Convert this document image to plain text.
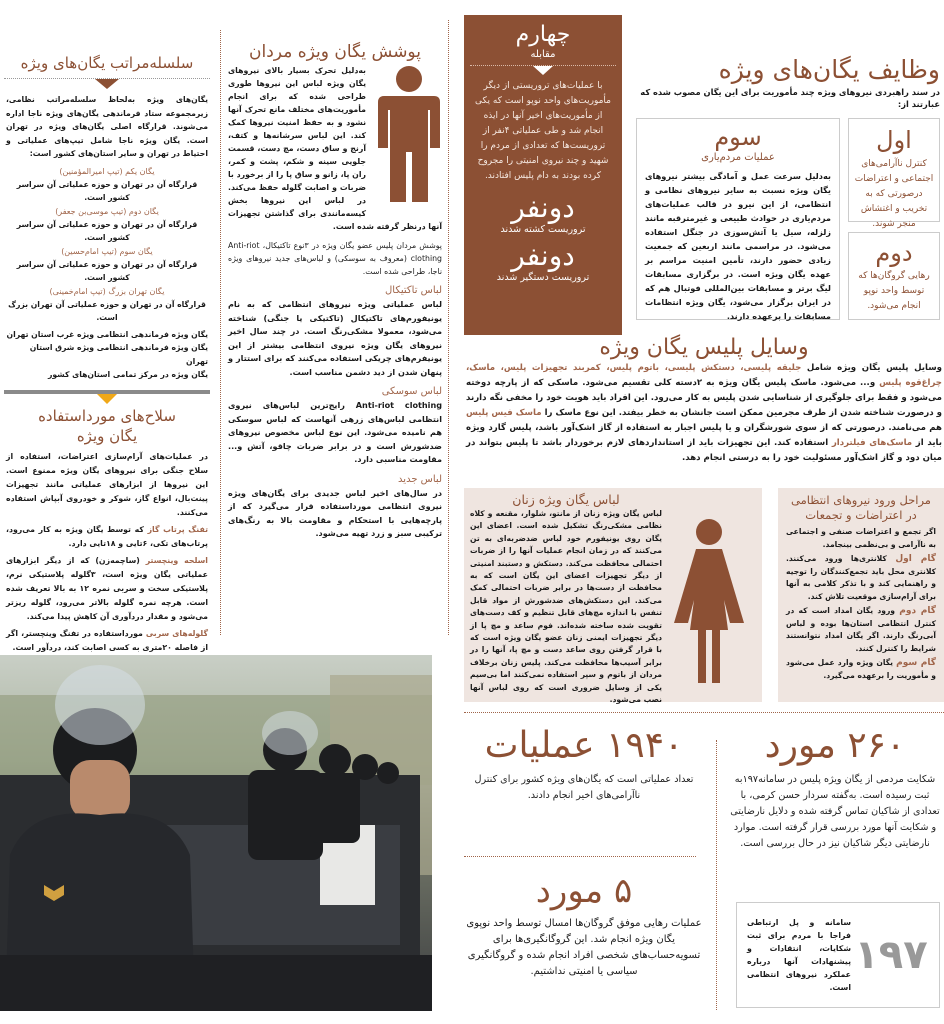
وظایف یگان‌های ویژه
در سند راهبردی نیروهای ویژه چند مأموریت برای این یگان مصوب شده که عبارتند از:
اول
کنترل ناآرامی‌های اجتماعی و اعتراضات درصورتی که به تخریب و اغتشاش منجر شوند.
دوم
رهایی گروگان‌ها که توسط واحد نوپو انجام می‌شود.
سوم
عملیات مردم‌یاری
به‌دلیل سرعت عمل و آمادگی بیشتر نیروهای یگان ویژه نسبت به سایر نیروهای نظامی و انتظامی، از این نیرو در قالب عملیات‌های مردم‌یاری در حوادث طبیعی و غیرمترقبه مانند زلزله، سیل یا آتش‌سوزی در جنگل استفاده می‌شود. در مراسمی مانند اربعین که جمعیت زیادی حضور دارند، تأمین امنیت مراسم بر عهده یگان ویژه است. در برگزاری مسابقات لیگ برتر و مسابقات بین‌المللی فوتبال هم که در ایران برگزار می‌شود، یگان ویژه انتظامات مسابقات را برعهده دارند.
چهارم
مقابله
با عملیات‌های تروریستی از دیگر مأموریت‌های واحد نوپو است که یکی از مأموریت‌های اخیر آنها در ایذه انجام شد و طی عملیاتی ۴نفر از تروریست‌ها که تعدادی از مردم را شهید و چند نیروی امنیتی را مجروح کرده بودند به دام پلیس افتادند.
دونفر
تروریست کشته شدند
دونفر
تروریست دستگیر شدند
وسایل پلیس یگان ویژه
وسایل پلیس یگان ویژه شامل جلیقه پلیسی، دستکش پلیسی، باتوم پلیس، کمربند تجهیزات پلیس، ماسک، چراغ‌قوه پلیس و... می‌شود. ماسک پلیس یگان ویژه به ۲دسته کلی تقسیم می‌شود. ماسکی که از پارچه دوخته می‌شود و فقط برای جلوگیری از شناسایی شدن پلیس به کار می‌رود. این افراد باید هویت خود را مخفی نگه دارند و درصورت شناخته شدن از طرف مجرمین ممکن است جانشان به خطر بیفتد. این نوع ماسک را ماسک فیس پلیس هم می‌نامند. درصورتی که از سوی شورشگران و یا پلیس اجبار به استفاده از گاز اشک‌آور باشد، پلیس گارد ویژه باید از ماسک‌های فیلتردار استفاده کند. این تجهیزات باید از استانداردهای لازم برخوردار باشد تا پلیس بتواند در میان دود و گاز اشک‌آور مسئولیت خود را به درستی انجام دهد.
لباس یگان ویژه زنان
لباس یگان ویژه زنان از مانتو، شلوار، مقنعه و کلاه نظامی مشکی‌رنگ تشکیل شده است. اعضای این یگان روی یونیفورم خود لباس ضدضربه‌ای به تن می‌کنند که در زمان انجام عملیات آنها را از ضربات احتمالی محافظت می‌کند. دستکش و دستبند امنیتی از دیگر تجهیزات اعضای این یگان است که به محافظت از دست‌ها در برابر ضربات احتمالی کمک می‌کند. این دستکش‌های ضدشورش از مواد قابل تنفس با اندازه مچ‌های قابل تنظیم و کف دست‌های تقویت شده ساخته شده‌اند. فوم ساعد و مچ پا از دیگر تجهیزات ایمنی زنان عضو یگان ویژه است که با قرار گرفتن روی ساعد دست و مچ پا، آنها را در برابر آسیب‌ها محافظت می‌کند. پلیس زنان برخلاف مردان از باتوم و سپر استفاده نمی‌کنند اما بی‌سیم یکی از وسایل ضروری است که روی لباس آنها نصب می‌شود.
مراحل ورود نیروهای انتظامی در اعتراضات و تجمعات
اگر تجمع و اعتراضات صنفی و اجتماعی به ناآرامی و بی‌نظمی بینجامد.
گام اول کلانتری‌ها ورود می‌کنند. کلانتری محل باید تجمع‌کنندگان را توجیه و راهنمایی کند و با تذکر کلامی به آنها برای آرام‌سازی موقعیت تلاش کند.
گام دوم ورود یگان امداد است که در کنترل انتظامی استان‌ها بوده و لباس آبی‌رنگ دارند. اگر یگان امداد نتوانستند شرایط را کنترل کنند.
گام سوم یگان ویژه وارد عمل می‌شود و مأموریت را برعهده می‌گیرد.
۲۶۰ مورد
شکایت مردمی از یگان ویژه پلیس در سامانه۱۹۷به ثبت رسیده است. به‌گفته سردار حسن کرمی، با تعدادی از شاکیان تماس گرفته شده و دلایل نارضایتی و شکایت آنها مورد بررسی قرار گرفته است. موارد نارضایتی دیگر شاکیان نیز در حال بررسی است.
۱۹۴۰ عملیات
تعداد عملیاتی است که یگان‌های ویژه کشور برای کنترل ناآرامی‌های اخیر انجام دادند.
۵ مورد
عملیات رهایی موفق گروگان‌ها امسال توسط واحد نوپوی یگان ویژه انجام شد. این گروگانگیری‌ها برای تسویه‌حساب‌های شخصی افراد انجام شده و گروگانگیری سیاسی یا امنیتی نداشتیم.	۱۹۷
سامانه و پل ارتباطی فراجا با مردم برای ثبت شکایات، انتقادات و پیشنهادات آنها درباره عملکرد نیروهای انتظامی است.
پوشش یگان ویژه مردان
به‌دلیل تحرک بسیار بالای نیروهای یگان ویژه لباس این نیروها طوری طراحی شده که برای انجام مأموریت‌های مختلف مانع تحرک آنها نشود و به حفظ امنیت نیروها کمک کند. این لباس سرشانه‌ها و کتف، آرنج و ساق دست، مچ دست، قسمت جلویی سینه و شکم، پشت و کمر، ران پا، زانو و ساق پا را از برخورد با ضربات و اصابت گلوله حفظ می‌کند. در لباس این نیروها بخش کیسه‌مانندی برای گذاشتن تجهیزات آنها درنظر گرفته شده است.
پوشش مردان پلیس عضو یگان ویژه در ۳نوع تاکتیکال، Anti-riot clothing (معروف به سوسکی) و لباس‌های جدید نیروهای ویژه ناجا، طراحی شده است.
لباس تاکتیکال
لباس عملیاتی ویژه نیروهای انتظامی که به نام یونیفورم‌های تاکتیکال (تاکتیکی یا جنگی) شناخته می‌شود، معمولا مشکی‌رنگ است. در چند سال اخیر نیروهای یگان ویژه نیروی انتظامی بیشتر از این یونیفرم‌های چریکی استفاده می‌کنند که برای استتار و پنهان شدن از دید دشمن مناسب است.
لباس سوسکی
Anti-riot clothing رایج‌ترین لباس‌های نیروی انتظامی لباس‌های زرهی آنهاست که لباس سوسکی هم نامیده می‌شود. این نوع لباس مخصوص نیروهای ضدشورش است و در برابر ضربات چاقو، آتش و... مقاومت مناسبی دارد.
لباس جدید
در سال‌های اخیر لباس جدیدی برای یگان‌های ویژه نیروی انتظامی مورداستفاده قرار می‌گیرد که از پارچه‌هایی با استحکام و مقاومت بالا به رنگ‌های ترکیبی سبز و زرد تهیه می‌شود.
سلسله‌مراتب یگان‌های ویژه
یگان‌های ویژه به‌لحاظ سلسله‌مراتب نظامی، زیرمجموعه ستاد فرماندهی یگان‌های ویژه ناجا اداره می‌شوند. قرارگاه اصلی یگان‌های ویژه در تهران است. یگان ویژه ناجا شامل تیپ‌های عملیاتی و احتیاط در تهران و سایر استان‌های کشور است:
یگان یکم (تیپ امیرالمؤمنین)
قرارگاه آن در تهران و حوزه عملیاتی آن سراسر کشور است.
یگان دوم (تیپ موسی‌بن جعفر)
قرارگاه آن در تهران و حوزه عملیاتی آن سراسر کشور است.
یگان سوم (تیپ امام‌حسین)
قرارگاه آن در تهران و حوزه عملیاتی آن سراسر کشور است.
یگان تهران بزرگ (تیپ امام‌خمینی)
قرارگاه آن در تهران و حوزه عملیاتی آن تهران بزرگ است.
یگان ویژه فرماندهی انتظامی ویژه غرب استان تهران
یگان ویژه فرماندهی انتظامی ویژه شرق استان تهران
یگان ویژه در مرکز تمامی استان‌های کشور
سلاح‌های مورداستفاده یگان ویژه
در عملیات‌های آرام‌سازی اعتراضات، استفاده از سلاح جنگی برای نیروهای یگان ویژه ممنوع است. این نیروها از ابزارهای عملیاتی مانند تجهیزات پینت‌بال، انواع گاز، شوکر و خودروی آبپاش استفاده می‌کنند.
تفنگ پرتاب گاز که توسط یگان ویژه به کار می‌رود، پرتاب‌های تکی، ۶تایی و ۱۸تایی دارد.
اسلحه وینچستر (ساچمه‌زن) که از دیگر ابزارهای عملیاتی یگان ویژه است، ۳گلوله پلاستیکی نرم، پلاستیکی سخت و سربی نمره ۱۲ به بالا تعریف شده است. هرچه نمره گلوله بالاتر می‌رود، گلوله ریزتر می‌شود و مقدار دردآوری آن کاهش پیدا می‌کند.
گلوله‌های سربی مورداستفاده در تفنگ وینچستر، اگر از فاصله ۲۰متری به کسی اصابت کند، دردآور است.
